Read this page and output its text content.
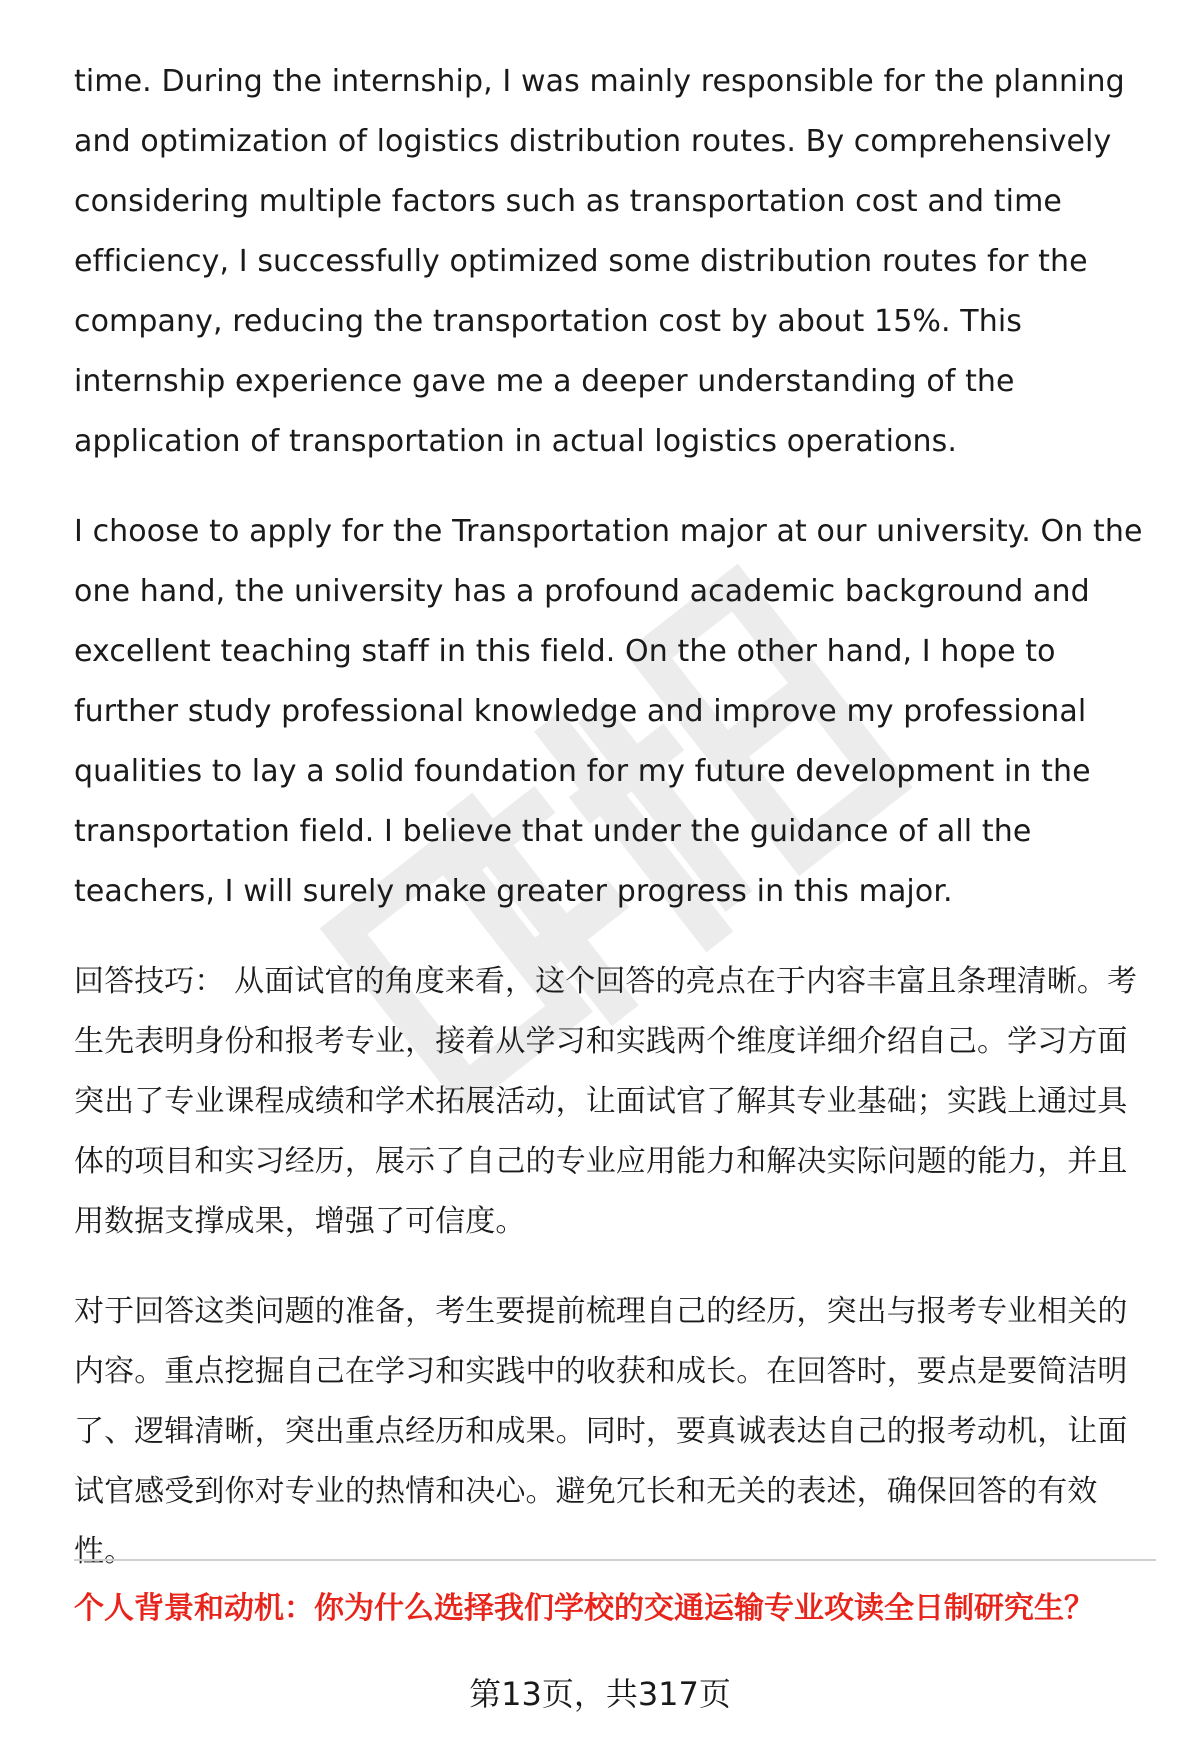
time. During the internship, I was mainly responsible for the planning and optimization of logistics distribution routes. By comprehensively considering multiple factors such as transportation cost and time efficiency, I successfully optimized some distribution routes for the company, reducing the transportation cost by about 15%. This internship experience gave me a deeper understanding of the application of transportation in actual logistics operations.

I choose to apply for the Transportation major at our university. On the one hand, the university has a profound academic background and excellent teaching staff in this field. On the other hand, I hope to further study professional knowledge and improve my professional qualities to lay a solid foundation for my future development in the transportation field. I believe that under the guidance of all the teachers, I will surely make greater progress in this major.

回答技巧： 从面试官的角度来看，这个回答的亮点在于内容丰富且条理清晰。考生先表明身份和报考专业，接着从学习和实践两个维度详细介绍自己。学习方面突出了专业课程成绩和学术拓展活动，让面试官了解其专业基础；实践上通过具体的项目和实习经历，展示了自己的专业应用能力和解决实际问题的能力，并且用数据支撑成果，增强了可信度。

对于回答这类问题的准备，考生要提前梳理自己的经历，突出与报考专业相关的内容。重点挖掘自己在学习和实践中的收获和成长。在回答时，要点是要简洁明了、逻辑清晰，突出重点经历和成果。同时，要真诚表达自己的报考动机，让面试官感受到你对专业的热情和决心。避免冗长和无关的表述，确保回答的有效性。

个人背景和动机：你为什么选择我们学校的交通运输专业攻读全日制研究生？
第13页，共317页
